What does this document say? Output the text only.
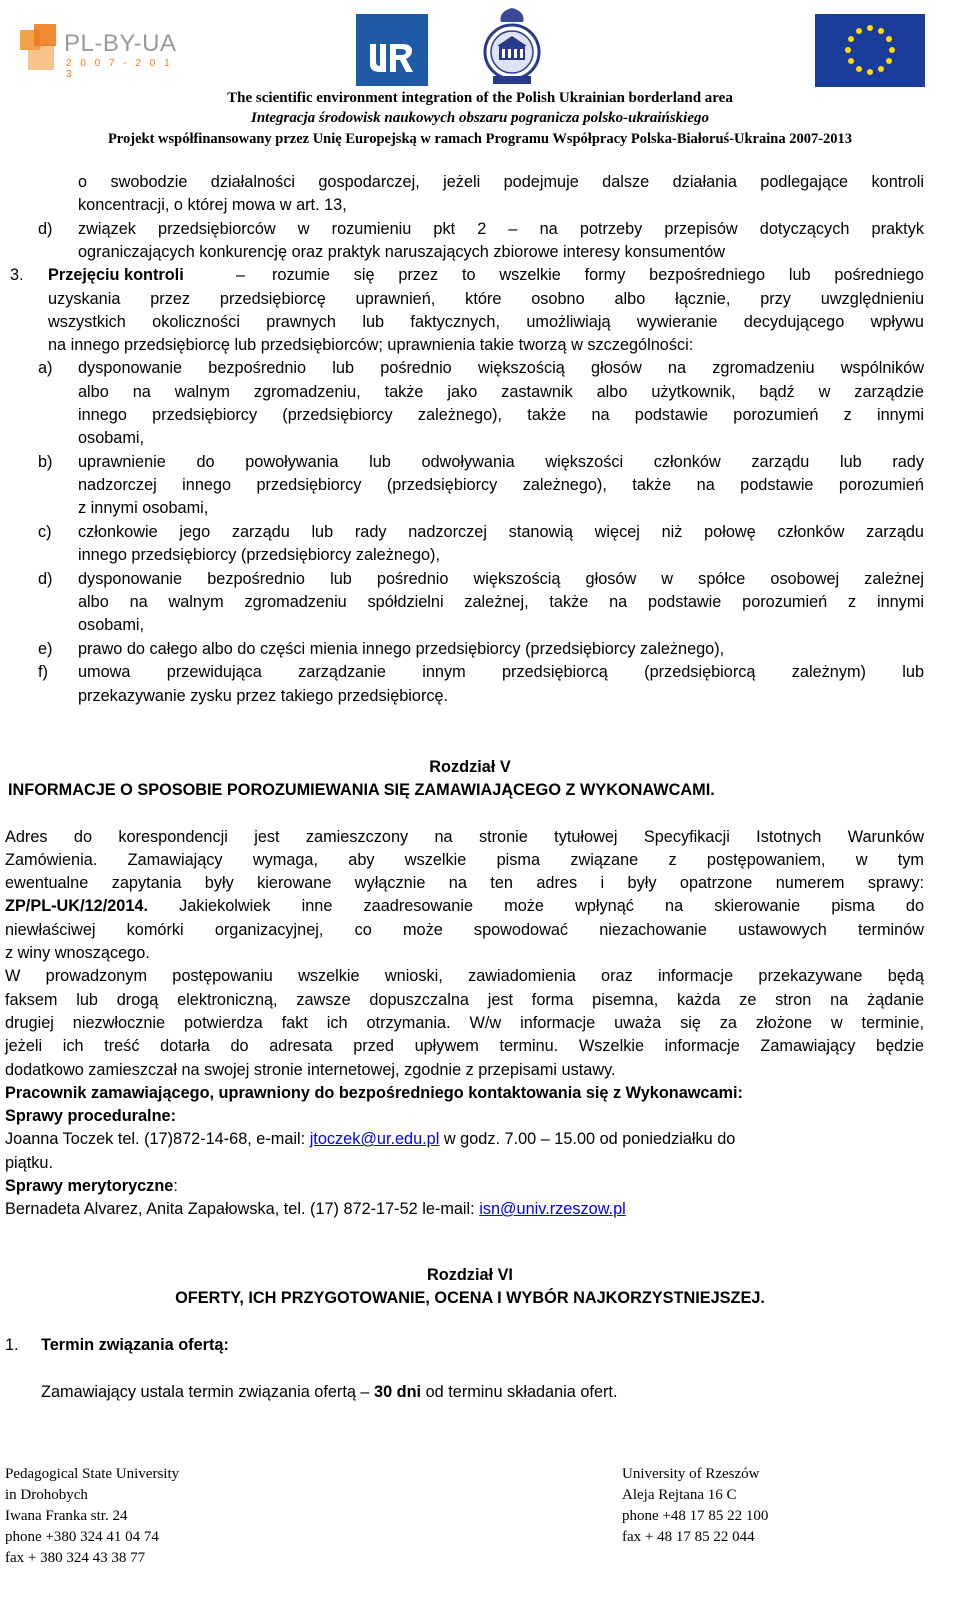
PL-BY-UA
2 0 0 7 - 2 0 1 3
The scientific environment integration of the Polish Ukrainian borderland area
Integracja środowisk naukowych obszaru pogranicza polsko-ukraińskiego
Projekt współfinansowany przez Unię Europejską w ramach Programu Współpracy Polska-Białoruś-Ukraina 2007-2013
o swobodzie działalności gospodarczej, jeżeli podejmuje dalsze działania podlegające kontroli
koncentracji, o której mowa w art. 13,
d) związek przedsiębiorców w rozumieniu pkt 2 – na potrzeby przepisów dotyczących praktyk
ograniczających konkurencję oraz praktyk naruszających zbiorowe interesy konsumentów
3. Przejęciu kontroli	– rozumie się przez to wszelkie formy bezpośredniego lub pośredniego
uzyskania przez przedsiębiorcę uprawnień, które osobno albo łącznie, przy uwzględnieniu
wszystkich okoliczności prawnych lub faktycznych, umożliwiają wywieranie decydującego wpływu
na innego przedsiębiorcę lub przedsiębiorców; uprawnienia takie tworzą w szczególności:
a) dysponowanie bezpośrednio lub pośrednio większością głosów na zgromadzeniu wspólników
albo na walnym zgromadzeniu, także jako zastawnik albo użytkownik, bądź w zarządzie
innego przedsiębiorcy (przedsiębiorcy zależnego), także na podstawie porozumień z innymi
osobami,
b) uprawnienie do powoływania lub odwoływania większości członków zarządu lub rady
nadzorczej innego przedsiębiorcy (przedsiębiorcy zależnego), także na podstawie porozumień
z innymi osobami,
c) członkowie jego zarządu lub rady nadzorczej stanowią więcej niż połowę członków zarządu
innego przedsiębiorcy (przedsiębiorcy zależnego),
d) dysponowanie bezpośrednio lub pośrednio większością głosów w spółce osobowej zależnej
albo na walnym zgromadzeniu spółdzielni zależnej, także na podstawie porozumień z innymi
osobami,
e) prawo do całego albo do części mienia innego przedsiębiorcy (przedsiębiorcy zależnego),
f) umowa przewidująca zarządzanie innym przedsiębiorcą (przedsiębiorcą zależnym) lub
przekazywanie zysku przez takiego przedsiębiorcę.
Rozdział V
INFORMACJE O SPOSOBIE POROZUMIEWANIA SIĘ ZAMAWIAJĄCEGO Z WYKONAWCAMI.
Adres do korespondencji jest zamieszczony na stronie tytułowej Specyfikacji Istotnych Warunków
Zamówienia. Zamawiający wymaga, aby wszelkie pisma związane z postępowaniem, w tym
ewentualne zapytania były kierowane wyłącznie na ten adres i były opatrzone numerem sprawy:
ZP/PL-UK/12/2014. Jakiekolwiek inne zaadresowanie może wpłynąć na skierowanie pisma do
niewłaściwej komórki organizacyjnej, co może spowodować niezachowanie ustawowych terminów
z winy wnoszącego.
W prowadzonym postępowaniu wszelkie wnioski, zawiadomienia oraz informacje przekazywane będą
faksem lub drogą elektroniczną, zawsze dopuszczalna jest forma pisemna, każda ze stron na żądanie
drugiej niezwłocznie potwierdza fakt ich otrzymania. W/w informacje uważa się za złożone w terminie,
jeżeli ich treść dotarła do adresata przed upływem terminu. Wszelkie informacje Zamawiający będzie
dodatkowo zamieszczał na swojej stronie internetowej, zgodnie z przepisami ustawy.
Pracownik zamawiającego, uprawniony do bezpośredniego kontaktowania się z Wykonawcami:
Sprawy proceduralne:
Joanna Toczek tel. (17)872-14-68, e-mail: jtoczek@ur.edu.pl w godz. 7.00 – 15.00 od poniedziałku do
piątku.
Sprawy merytoryczne:
Bernadeta Alvarez, Anita Zapałowska, tel. (17) 872-17-52 le-mail: isn@univ.rzeszow.pl
Rozdział VI
OFERTY, ICH PRZYGOTOWANIE, OCENA I WYBÓR NAJKORZYSTNIEJSZEJ.
1. Termin związania ofertą:
Zamawiający ustala termin związania ofertą – 30 dni od terminu składania ofert.
Pedagogical State University
in Drohobych
Iwana Franka str. 24
phone +380 324 41 04 74
fax + 380 324 43 38 77
University of Rzeszów
Aleja Rejtana 16 C
phone +48 17 85 22 100
fax + 48 17 85 22 044
